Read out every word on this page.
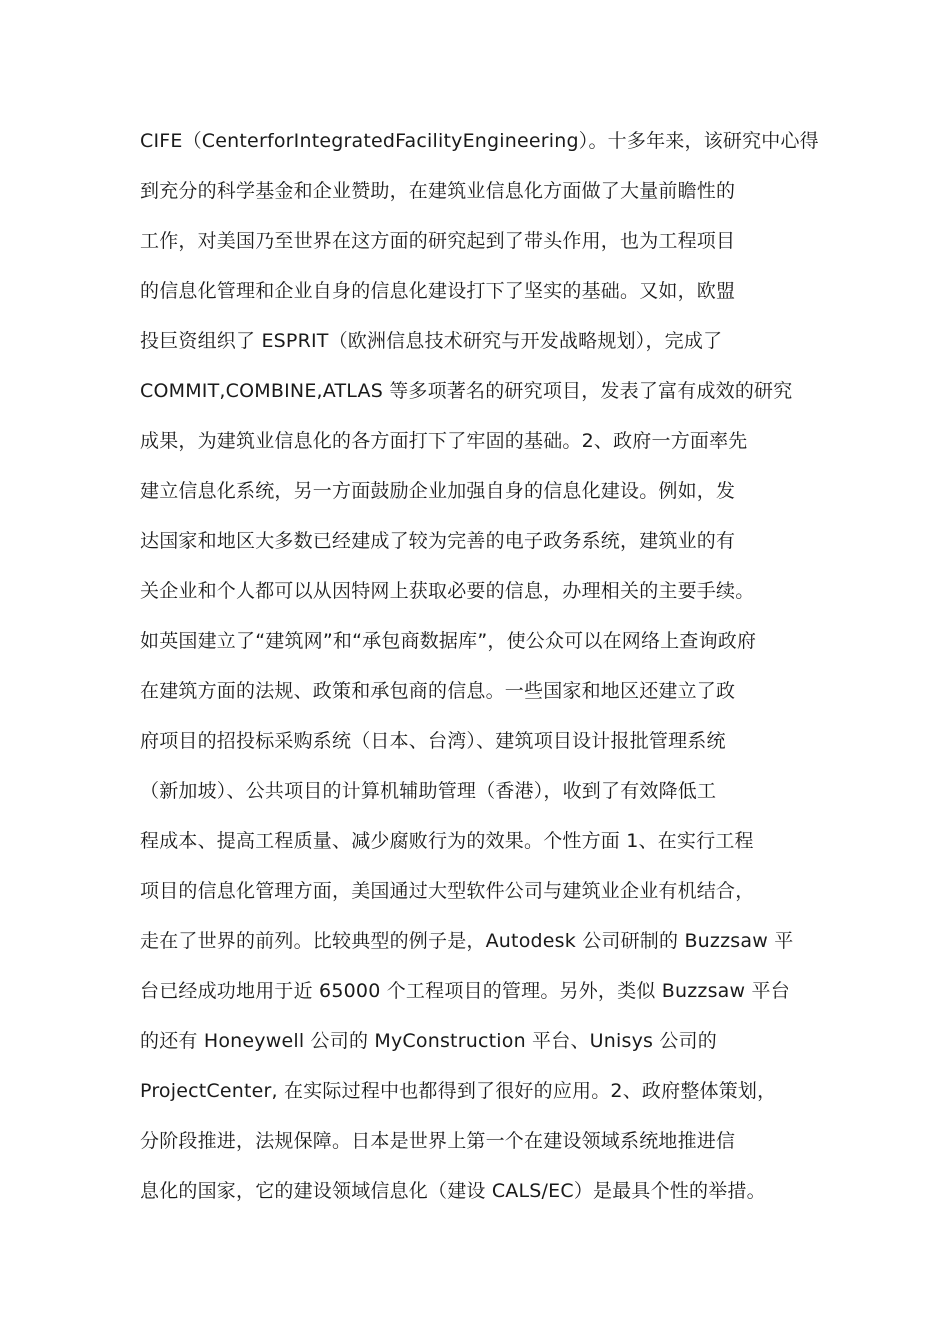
CIFE（CenterforIntegratedFacilityEngineering）。十多年来，该研究中心得
到充分的科学基金和企业赞助，在建筑业信息化方面做了大量前瞻性的
工作，对美国乃至世界在这方面的研究起到了带头作用，也为工程项目
的信息化管理和企业自身的信息化建设打下了坚实的基础。又如，欧盟
投巨资组织了 ESPRIT（欧洲信息技术研究与开发战略规划），完成了
COMMIT,COMBINE,ATLAS 等多项著名的研究项目，发表了富有成效的研究
成果，为建筑业信息化的各方面打下了牢固的基础。2、政府一方面率先
建立信息化系统，另一方面鼓励企业加强自身的信息化建设。例如，发
达国家和地区大多数已经建成了较为完善的电子政务系统，建筑业的有
关企业和个人都可以从因特网上获取必要的信息，办理相关的主要手续。
如英国建立了“建筑网”和“承包商数据库”，使公众可以在网络上查询政府
在建筑方面的法规、政策和承包商的信息。一些国家和地区还建立了政
府项目的招投标采购系统（日本、台湾）、建筑项目设计报批管理系统
（新加坡）、公共项目的计算机辅助管理（香港），收到了有效降低工
程成本、提高工程质量、减少腐败行为的效果。个性方面 1、在实行工程
项目的信息化管理方面，美国通过大型软件公司与建筑业企业有机结合，
走在了世界的前列。比较典型的例子是，Autodesk 公司研制的 Buzzsaw 平
台已经成功地用于近 65000 个工程项目的管理。另外，类似 Buzzsaw 平台
的还有 Honeywell 公司的 MyConstruction 平台、Unisys 公司的
ProjectCenter, 在实际过程中也都得到了很好的应用。2、政府整体策划，
分阶段推进，法规保障。日本是世界上第一个在建设领域系统地推进信
息化的国家，它的建设领域信息化（建设 CALS/EC）是最具个性的举措。
